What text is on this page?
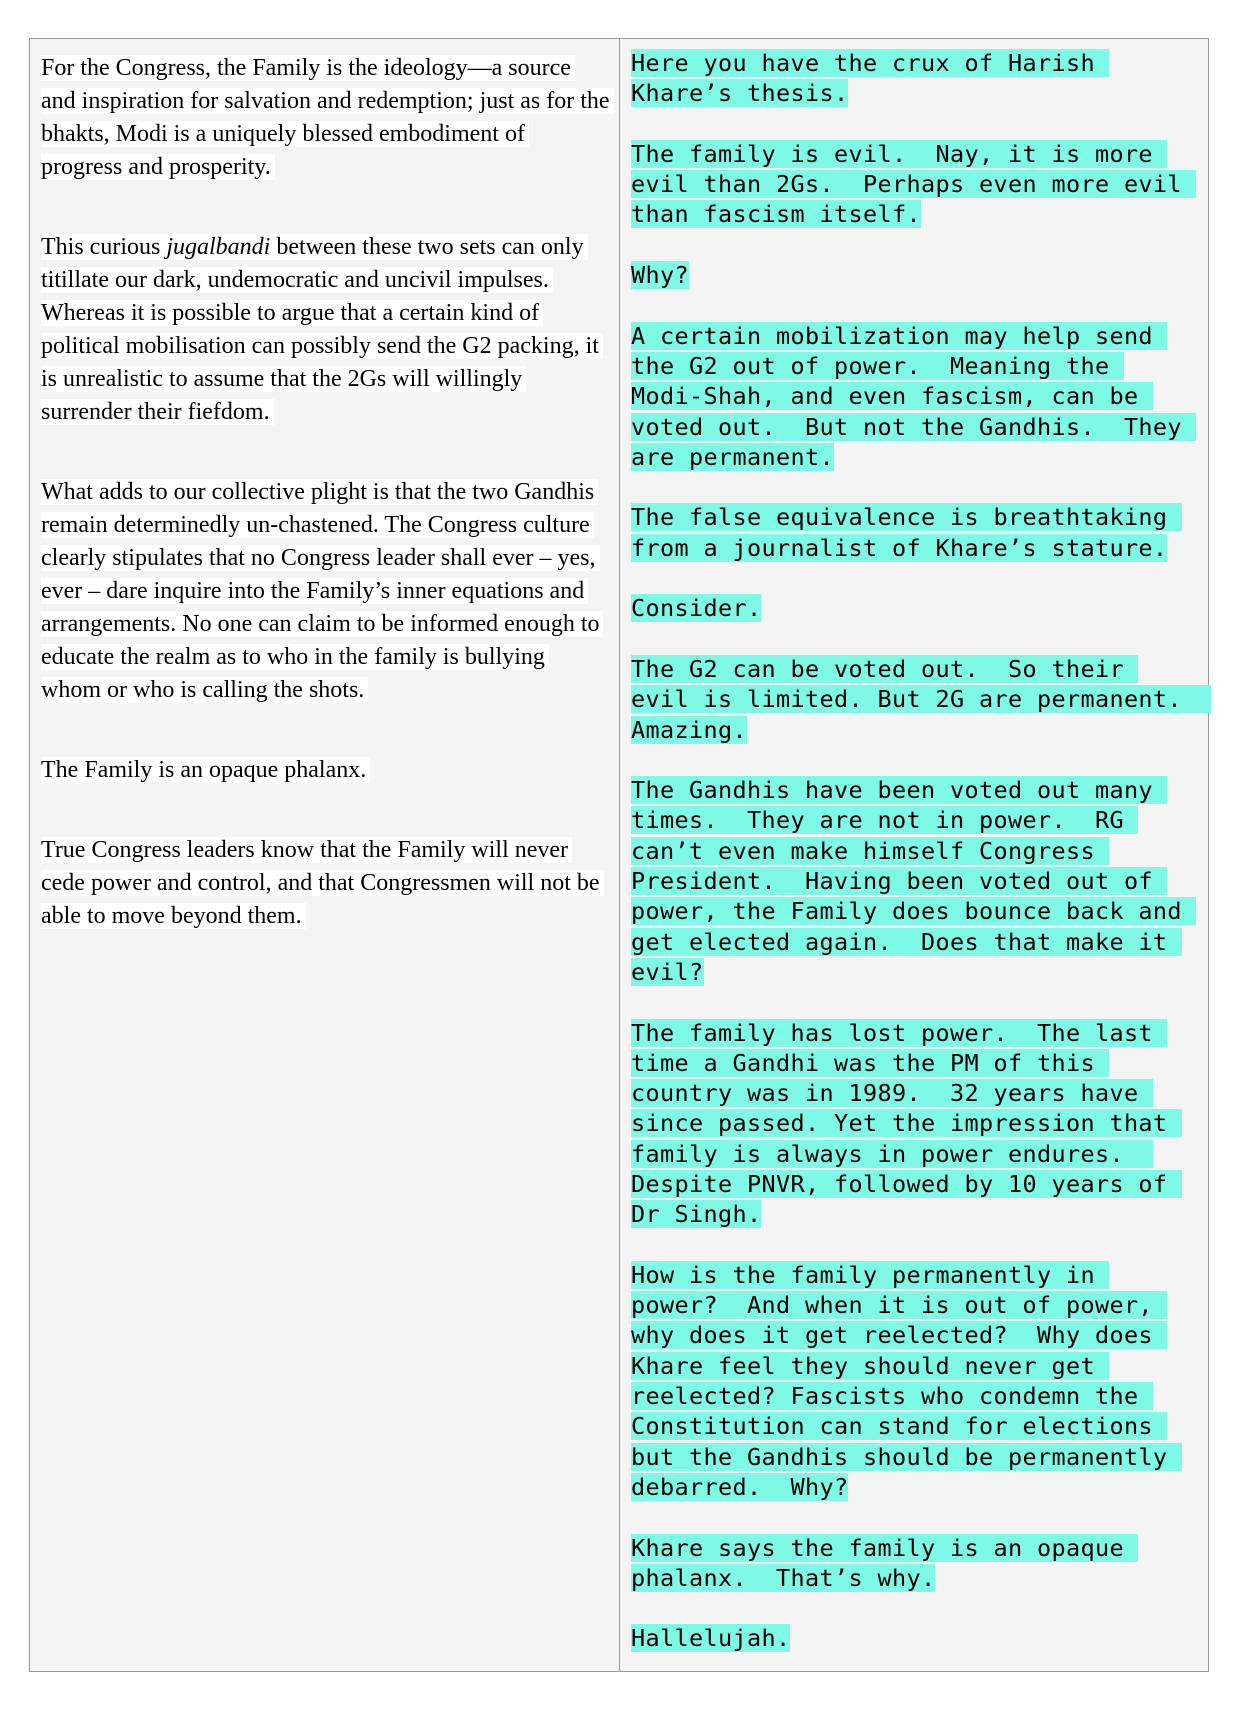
For the Congress, the Family is the ideology—a source and inspiration for salvation and redemption; just as for the bhakts, Modi is a uniquely blessed embodiment of progress and prosperity.

This curious jugalbandi between these two sets can only titillate our dark, undemocratic and uncivil impulses. Whereas it is possible to argue that a certain kind of political mobilisation can possibly send the G2 packing, it is unrealistic to assume that the 2Gs will willingly surrender their fiefdom.

What adds to our collective plight is that the two Gandhis remain determinedly un-chastened. The Congress culture clearly stipulates that no Congress leader shall ever – yes, ever – dare inquire into the Family’s inner equations and arrangements. No one can claim to be informed enough to educate the realm as to who in the family is bullying whom or who is calling the shots.

The Family is an opaque phalanx.

True Congress leaders know that the Family will never cede power and control, and that Congressmen will not be able to move beyond them.

Here you have the crux of Harish Khare’s thesis.

The family is evil.  Nay, it is more evil than 2Gs.  Perhaps even more evil than fascism itself.

Why?

A certain mobilization may help send the G2 out of power.  Meaning the Modi-Shah, and even fascism, can be voted out.  But not the Gandhis.  They are permanent.

The false equivalence is breathtaking from a journalist of Khare’s stature.

Consider.

The G2 can be voted out.  So their evil is limited. But 2G are permanent.  Amazing.

The Gandhis have been voted out many times.  They are not in power.  RG can’t even make himself Congress President.  Having been voted out of power, the Family does bounce back and get elected again.  Does that make it evil?

The family has lost power.  The last time a Gandhi was the PM of this country was in 1989.  32 years have since passed. Yet the impression that family is always in power endures.  Despite PNVR, followed by 10 years of Dr Singh.

How is the family permanently in power?  And when it is out of power, why does it get reelected?  Why does Khare feel they should never get reelected? Fascists who condemn the Constitution can stand for elections but the Gandhis should be permanently debarred.  Why?

Khare says the family is an opaque phalanx.  That’s why.

Hallelujah.
